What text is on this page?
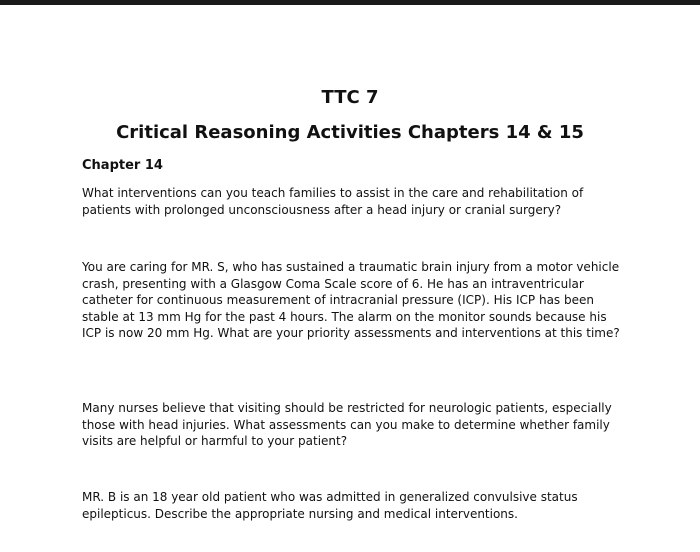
TTC 7
Critical Reasoning Activities Chapters 14 & 15
Chapter 14

What interventions can you teach families to assist in the care and rehabilitation of patients with prolonged unconsciousness after a head injury or cranial surgery?

You are caring for MR. S, who has sustained a traumatic brain injury from a motor vehicle crash, presenting with a Glasgow Coma Scale score of 6. He has an intraventricular catheter for continuous measurement of intracranial pressure (ICP). His ICP has been stable at 13 mm Hg for the past 4 hours. The alarm on the monitor sounds because his ICP is now 20 mm Hg. What are your priority assessments and interventions at this time?

Many nurses believe that visiting should be restricted for neurologic patients, especially those with head injuries. What assessments can you make to determine whether family visits are helpful or harmful to your patient?

MR. B is an 18 year old patient who was admitted in generalized convulsive status epilepticus. Describe the appropriate nursing and medical interventions.
